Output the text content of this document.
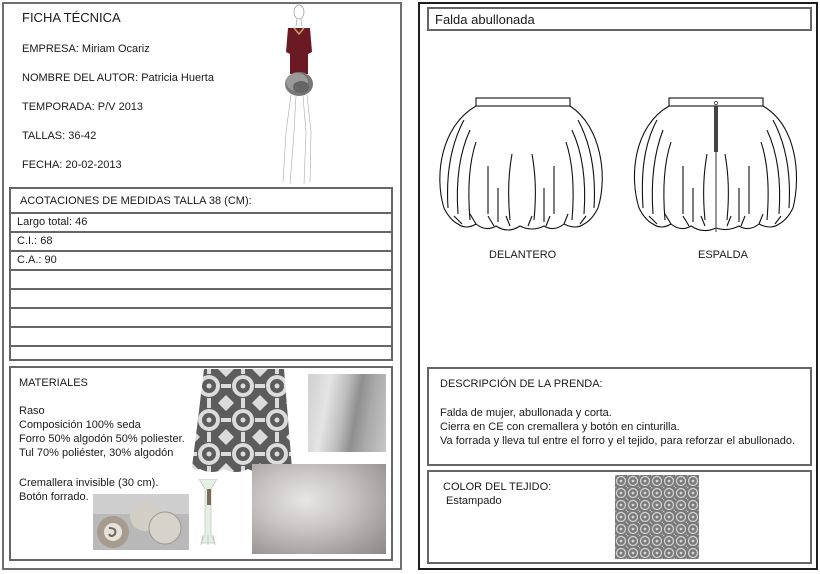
FICHA TÉCNICA
EMPRESA: Miriam Ocariz
NOMBRE DEL AUTOR: Patricia Huerta
TEMPORADA: P/V 2013
TALLAS: 36-42
FECHA: 20-02-2013
ACOTACIONES DE MEDIDAS TALLA 38 (CM):
Largo total: 46
C.I.: 68
C.A.: 90
MATERIALES
Raso
Composición 100% seda
Forro 50% algodón 50% poliester.
Tul 70% poliéster, 30% algodón
Cremallera invisible (30 cm).
Botón forrado.
Falda abullonada
DELANTERO	ESPALDA
DESCRIPCIÓN DE LA PRENDA:
Falda de mujer, abullonada y corta.
Cierra en CE con cremallera y botón en cinturilla.
Va forrada y lleva tul entre el forro y el tejido, para reforzar el abullonado.
COLOR DEL TEJIDO:
Estampado
